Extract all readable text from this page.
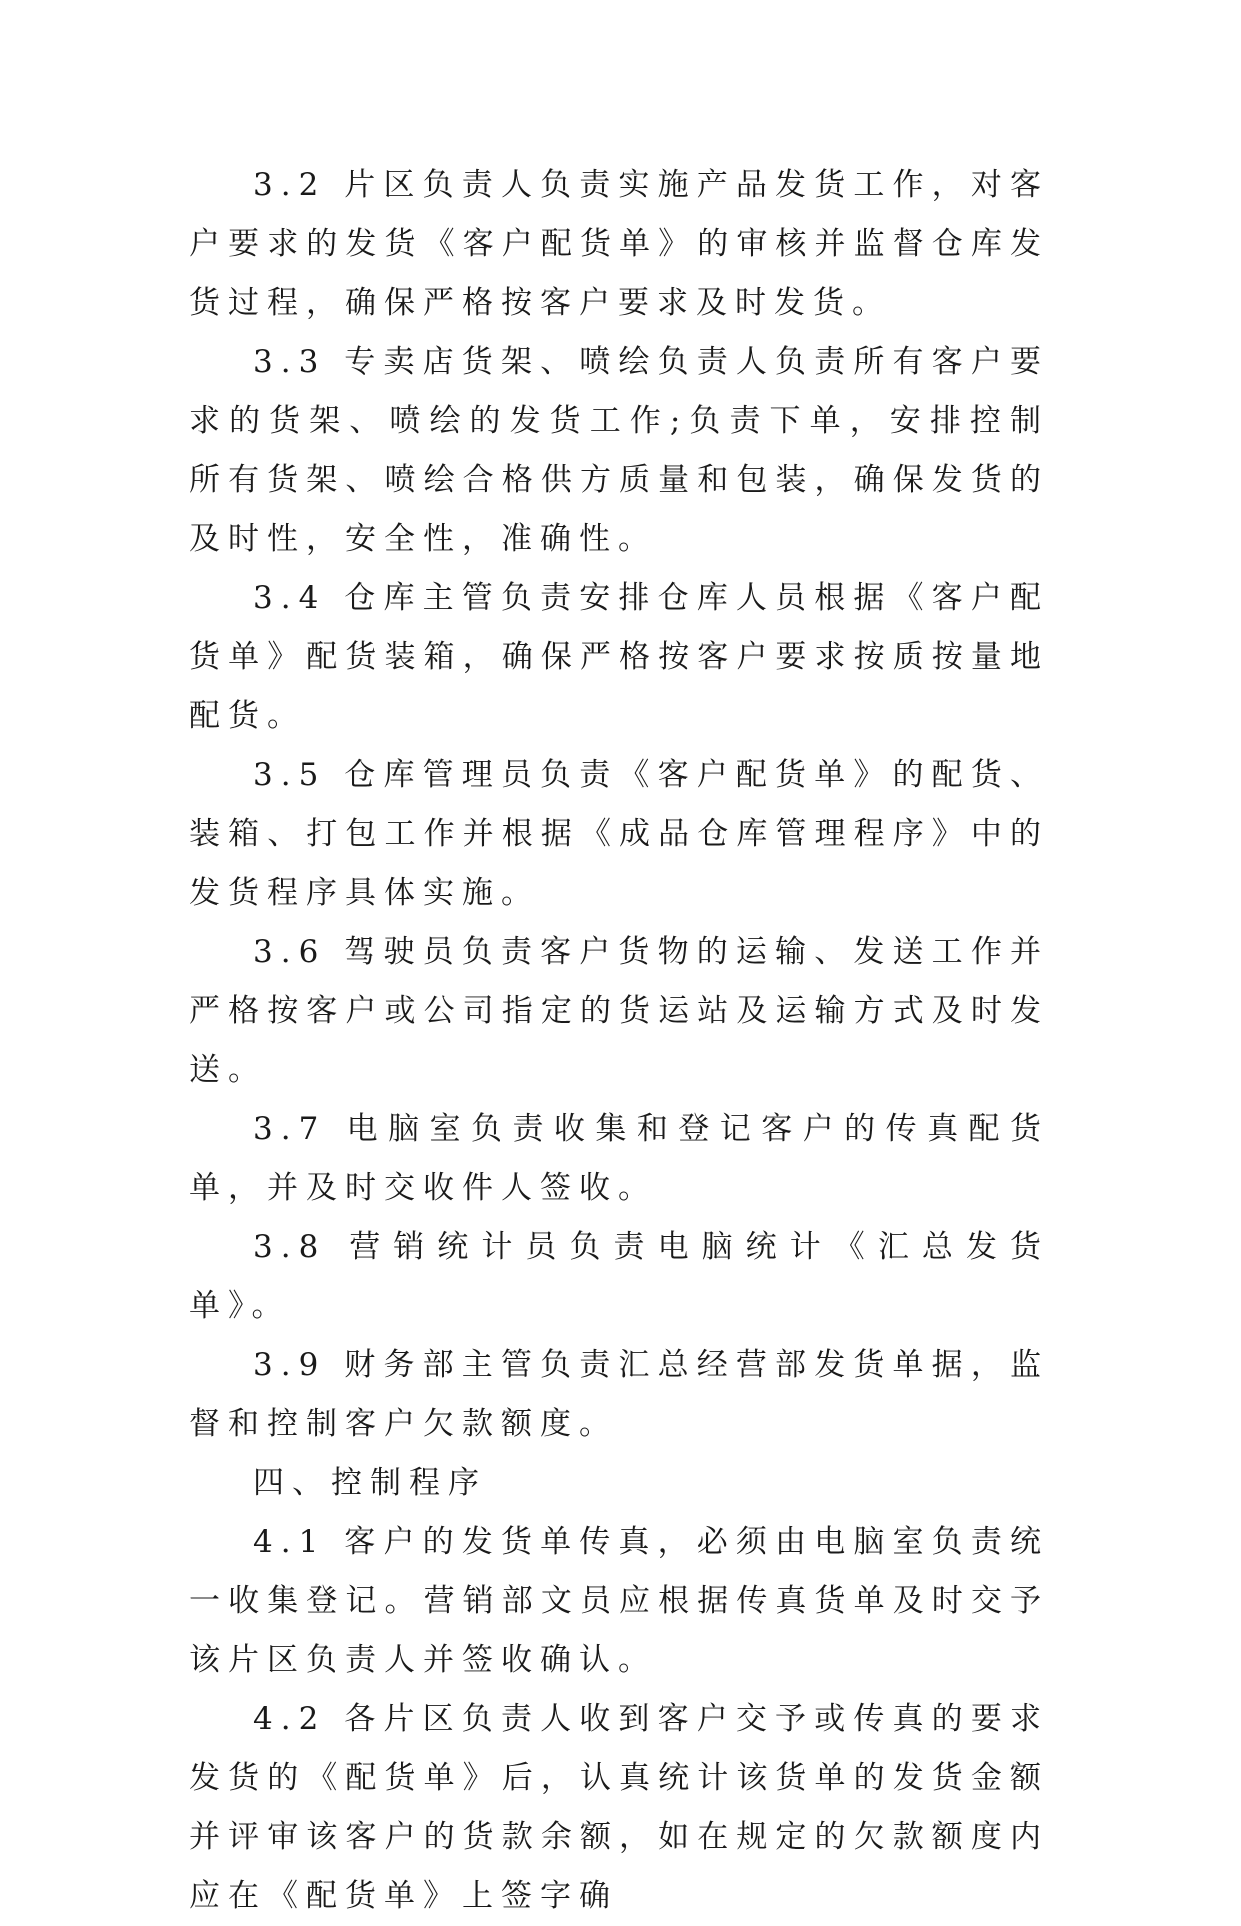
3.2 片区负责人负责实施产品发货工作，对客户要求的发货《客户配货单》的审核并监督仓库发货过程，确保严格按客户要求及时发货。

3.3 专卖店货架、喷绘负责人负责所有客户要求的货架、喷绘的发货工作;负责下单，安排控制所有货架、喷绘合格供方质量和包装，确保发货的及时性，安全性，准确性。

3.4 仓库主管负责安排仓库人员根据《客户配货单》配货装箱，确保严格按客户要求按质按量地配货。

3.5 仓库管理员负责《客户配货单》的配货、装箱、打包工作并根据《成品仓库管理程序》中的发货程序具体实施。

3.6 驾驶员负责客户货物的运输、发送工作并严格按客户或公司指定的货运站及运输方式及时发送。

3.7 电脑室负责收集和登记客户的传真配货单，并及时交收件人签收。

3.8 营销统计员负责电脑统计《汇总发货单》。

3.9 财务部主管负责汇总经营部发货单据，监督和控制客户欠款额度。

四、控制程序

4.1 客户的发货单传真，必须由电脑室负责统一收集登记。营销部文员应根据传真货单及时交予该片区负责人并签收确认。

4.2 各片区负责人收到客户交予或传真的要求发货的《配货单》后，认真统计该货单的发货金额并评审该客户的货款余额，如在规定的欠款额度内应在《配货单》上签字确
